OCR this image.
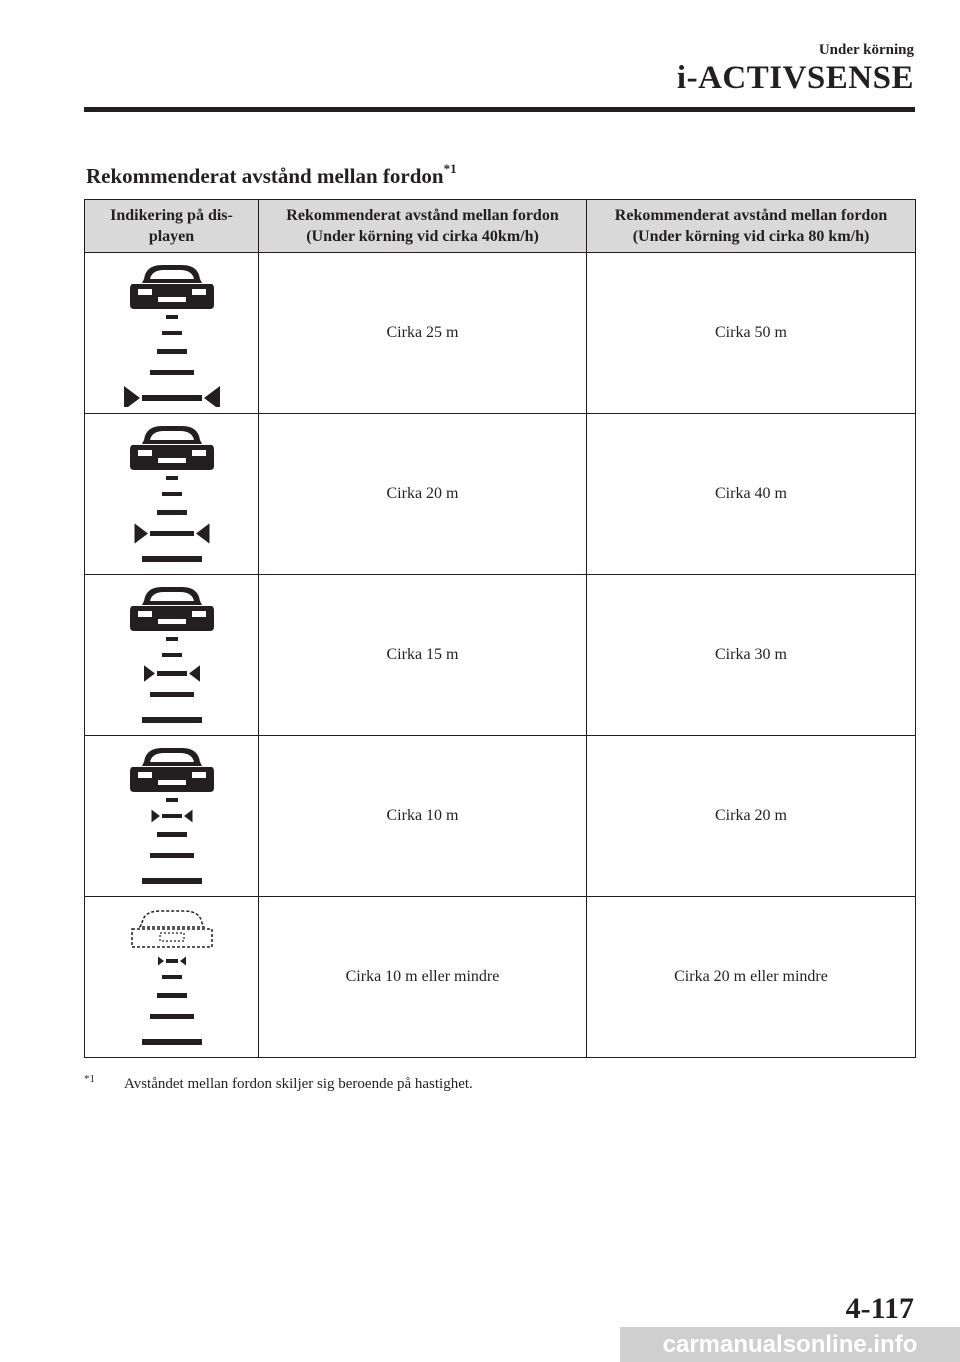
Under körning
i-ACTIVSENSE
Rekommenderat avstånd mellan fordon$^{*1}$
Indikering på dis- playen	Rekommenderat avstånd mellan fordon (Under körning vid cirka 40km/h)	Rekommenderat avstånd mellan fordon (Under körning vid cirka 80 km/h)

	Cirka 25 m	Cirka 50 m

	Cirka 20 m	Cirka 40 m

	Cirka 15 m	Cirka 30 m

	Cirka 10 m	Cirka 20 m

	Cirka 10 m eller mindre	Cirka 20 m eller mindre
$^{*1}$ Avståndet mellan fordon skiljer sig beroende på hastighet.
4-117
carmanualsonline.info
